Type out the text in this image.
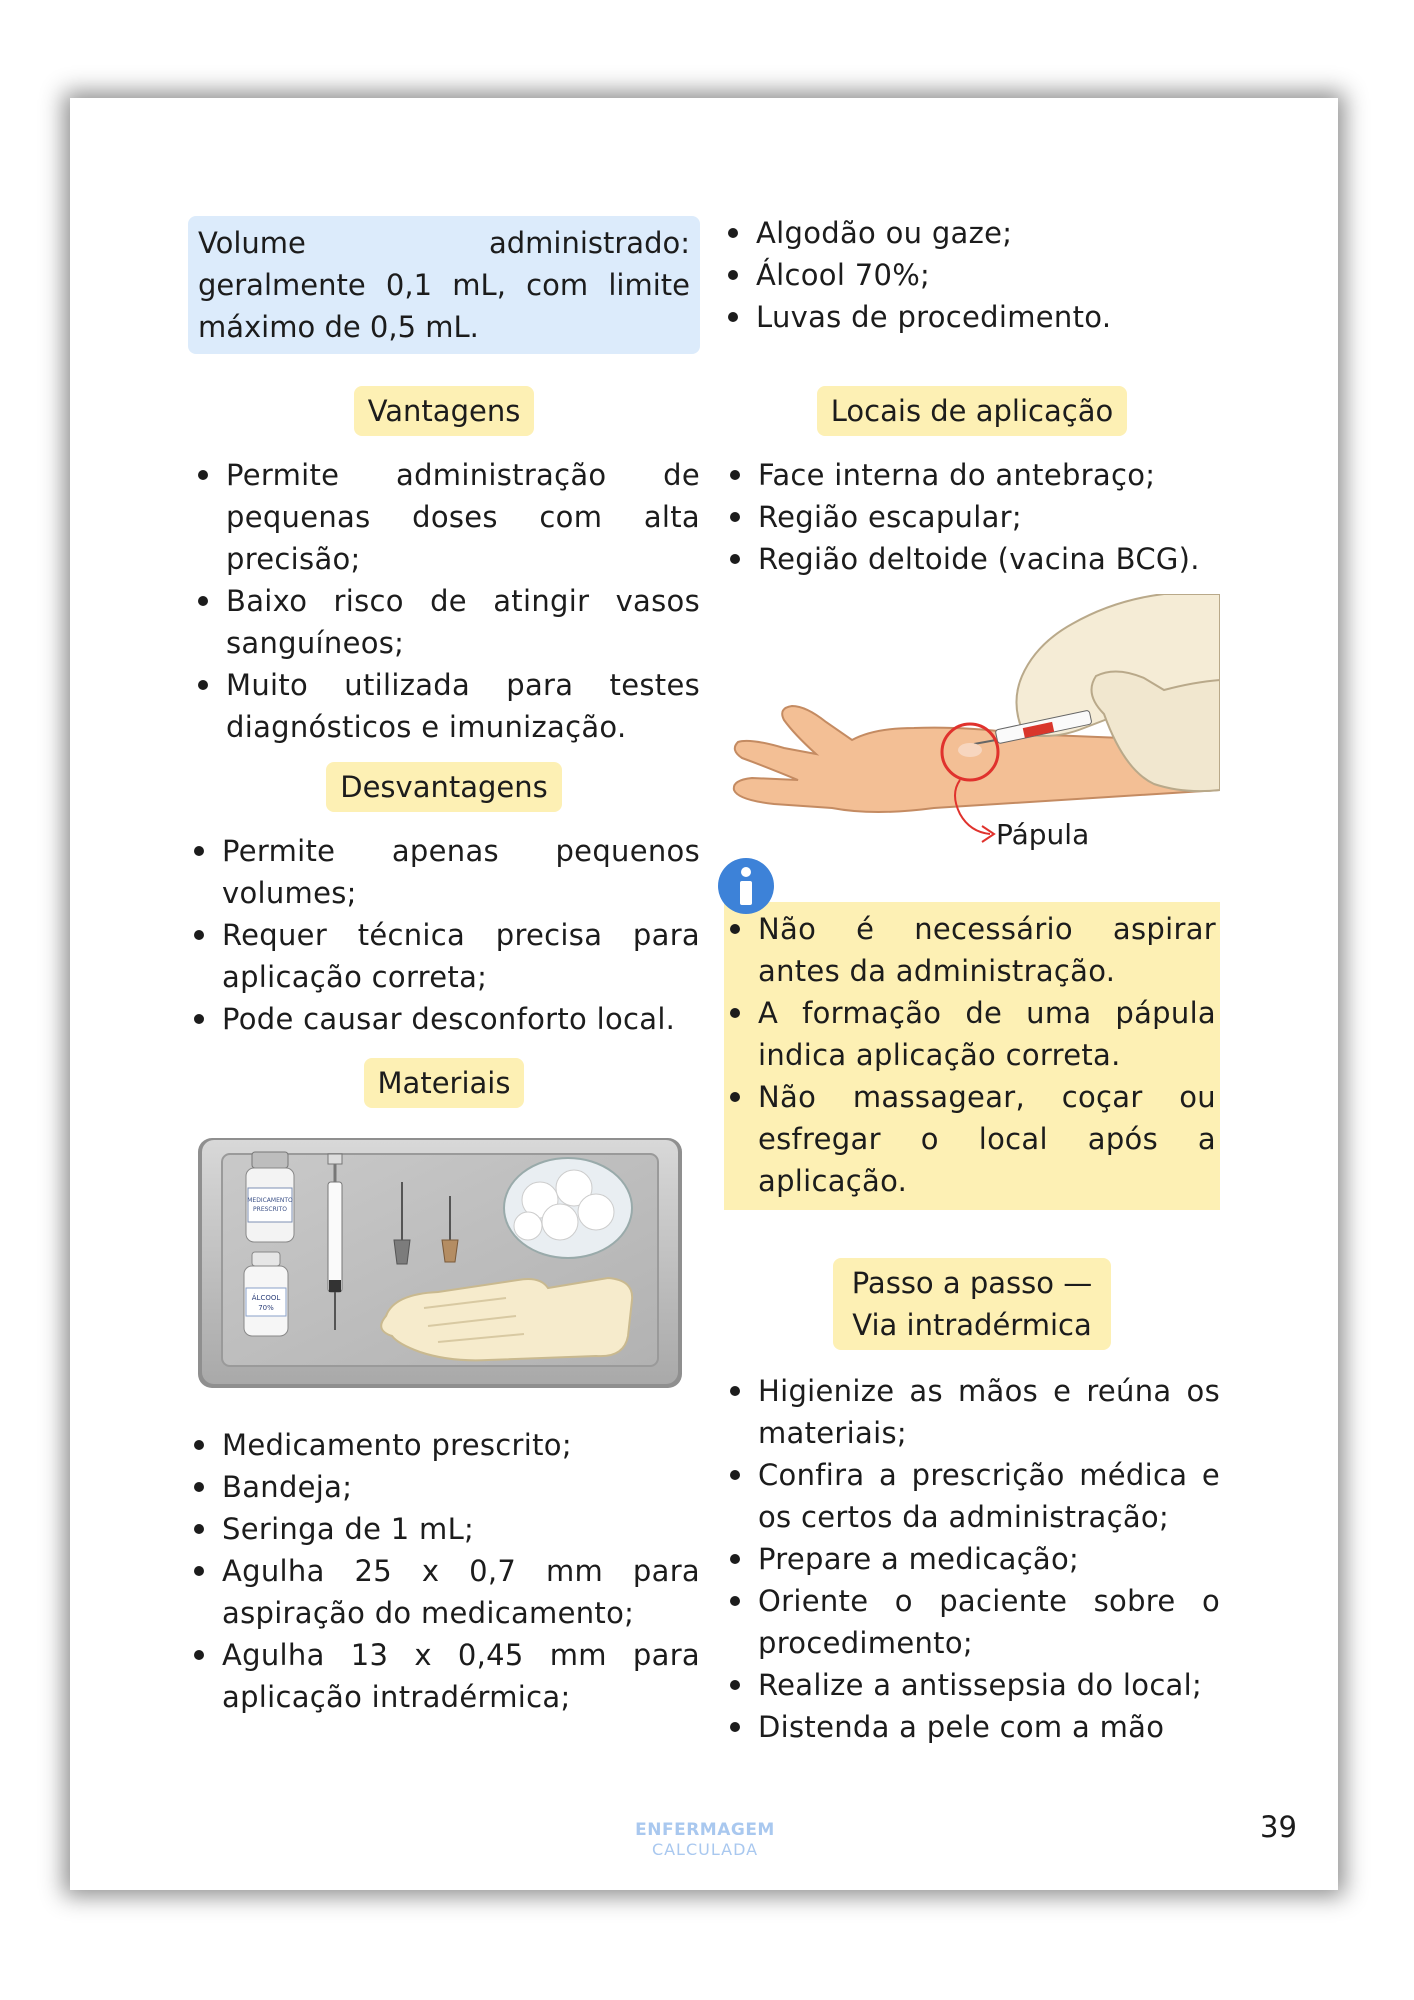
Volume administrado: geralmente 0,1 mL, com limite máximo de 0,5 mL.
Vantagens
Permite administração de pequenas doses com alta precisão;
Baixo risco de atingir vasos sanguíneos;
Muito utilizada para testes diagnósticos e imunização.
Desvantagens
Permite apenas pequenos volumes;
Requer técnica precisa para aplicação correta;
Pode causar desconforto local.
Materiais
MEDICAMENTO
PRESCRITO
ÁLCOOL
70%
Medicamento prescrito;
Bandeja;
Seringa de 1 mL;
Agulha 25 x 0,7 mm para aspiração do medicamento;
Agulha 13 x 0,45 mm para aplicação intradérmica;
Algodão ou gaze;
Álcool 70%;
Luvas de procedimento.
Locais de aplicação
Face interna do antebraço;
Região escapular;
Região deltoide (vacina BCG).
Pápula
Não é necessário aspirar antes da administração.
A formação de uma pápula indica aplicação correta.
Não massagear, coçar ou esfregar o local após a aplicação.
Passo a passo — Via intradérmica
Higienize as mãos e reúna os materiais;
Confira a prescrição médica e os certos da administração;
Prepare a medicação;
Oriente o paciente sobre o procedimento;
Realize a antissepsia do local;
Distenda a pele com a mão
ENFERMAGEM
CALCULADA
39
